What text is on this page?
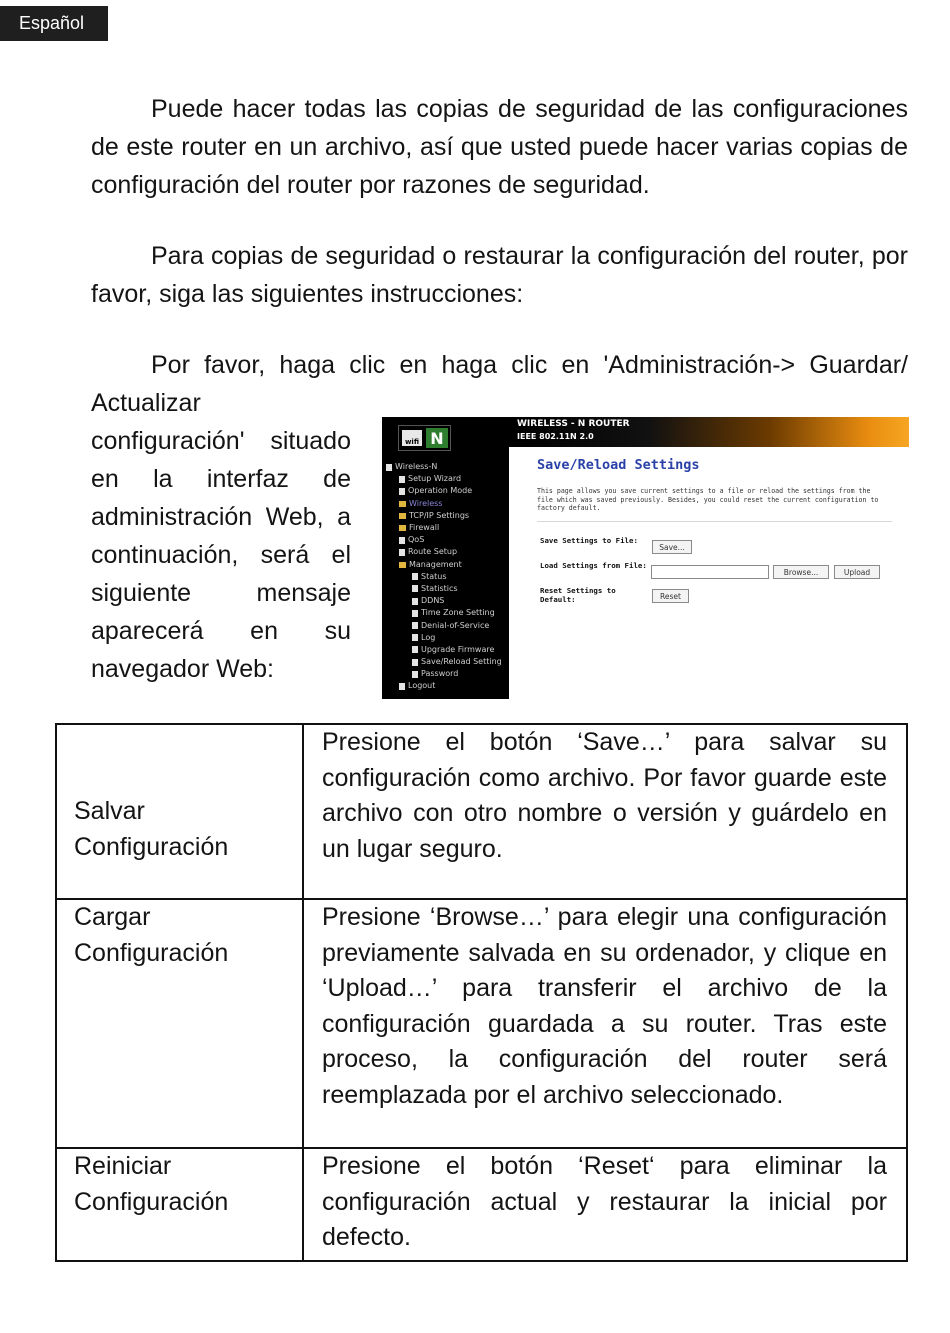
Español

Puede hacer todas las copias de seguridad de las configuraciones de este router en un archivo, así que usted puede hacer varias copias de configuración del router por razones de seguridad.

Para copias de seguridad o restaurar la configuración del router, por favor, siga las siguientes instrucciones:

Por favor, haga clic en haga clic en 'Administración-> Guardar/ Actualizar

configuración' situado
en la interfaz de
administración Web, a
continuación, será el
siguiente mensaje
aparecerá en su
navegador Web:

wifi N
Wireless-N
Setup Wizard
Operation Mode
Wireless
TCP/IP Settings
Firewall
QoS
Route Setup
Management
Status
Statistics
DDNS
Time Zone Setting
Denial-of-Service
Log
Upgrade Firmware
Save/Reload Setting
Password
Logout
WIRELESS - N ROUTER
IEEE 802.11N 2.0
Save/Reload Settings
This page allows you save current settings to a file or reload the settings from the file which was saved previously. Besides, you could reset the current configuration to factory default.
Save Settings to File:
Save...
Load Settings from File:
Browse...	Upload
Reset Settings to Default:	Reset
Salvar
Configuración	Presione el botón ‘Save…’ para salvar su configuración como archivo. Por favor guarde este archivo con otro nombre o versión y guárdelo en un lugar seguro.

Cargar
Configuración	Presione ‘Browse…’ para elegir una configuración previamente salvada en su ordenador, y clique en ‘Upload…’ para transferir el archivo de la configuración guardada a su router. Tras este proceso, la configuración del router será reemplazada por el archivo seleccionado.

Reiniciar
Configuración	Presione el botón ‘Reset‘ para eliminar la configuración actual y restaurar la inicial por defecto.
